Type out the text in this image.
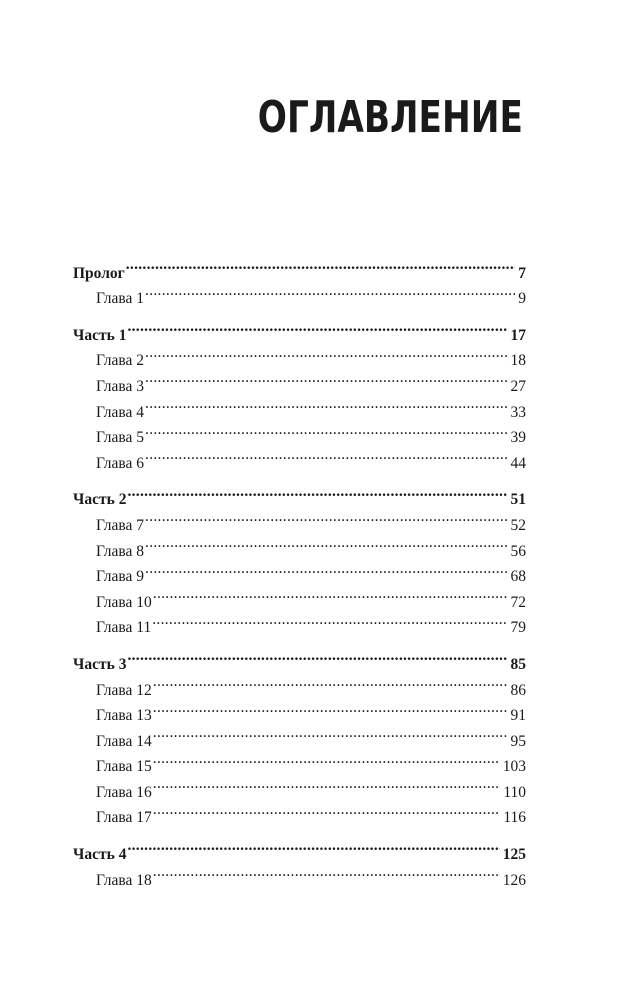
ОГЛАВЛЕНИЕ
Пролог .....	7
Глава 1 .....	9
Часть 1 .....	17
Глава 2 .....	18
Глава 3 .....	27
Глава 4 .....	33
Глава 5 .....	39
Глава 6 .....	44
Часть 2 .....	51
Глава 7 .....	52
Глава 8 .....	56
Глава 9 .....	68
Глава 10 .....	72
Глава 11 .....	79
Часть 3 .....	85
Глава 12 .....	86
Глава 13 .....	91
Глава 14 .....	95
Глава 15 .....	103
Глава 16 .....	110
Глава 17 .....	116
Часть 4 .....	125
Глава 18 .....	126
